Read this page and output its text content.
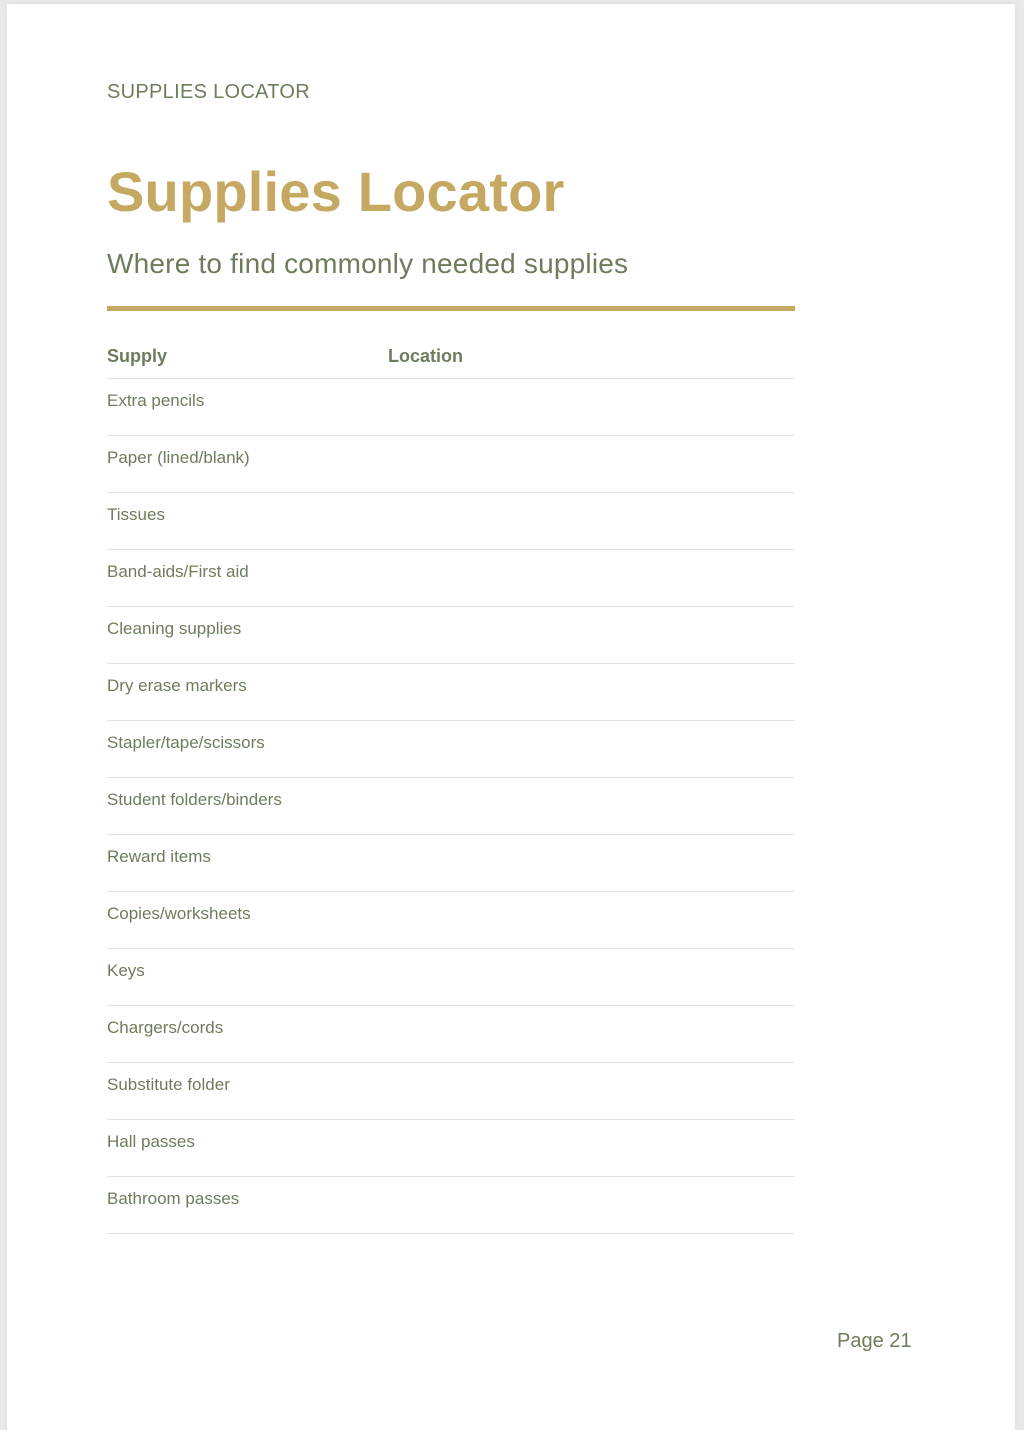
SUPPLIES LOCATOR
Supplies Locator

Where to find commonly needed supplies

Supply	Location
Extra pencils
Paper (lined/blank)
Tissues
Band-aids/First aid
Cleaning supplies
Dry erase markers
Stapler/tape/scissors
Student folders/binders
Reward items
Copies/worksheets
Keys
Chargers/cords
Substitute folder
Hall passes
Bathroom passes
Page 21
